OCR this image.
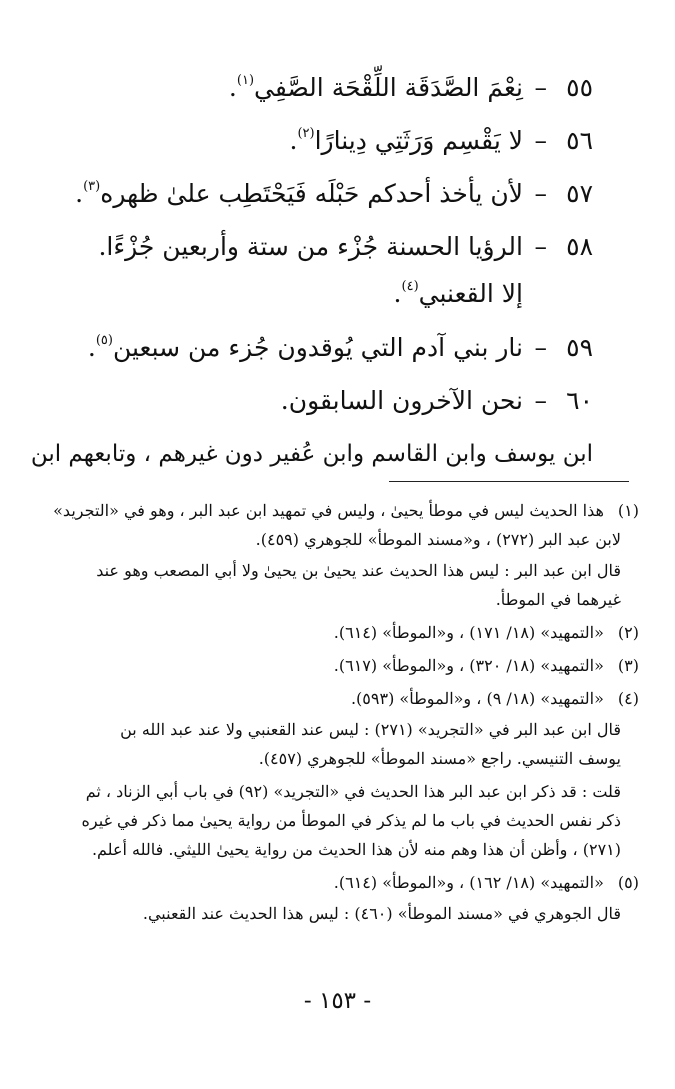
٥٥
–
نِعْمَ الصَّدَقَة اللِّقْحَة الصَّفِي$^{(١)}$.
٥٦
–
لا يَقْسِم وَرَثَتِي دِينارًا$^{(٢)}$.
٥٧
–
لأن يأخذ أحدكم حَبْلَه فَيَحْتَطِب علىٰ ظهره$^{(٣)}$.
٥٨
–
الرؤيا الحسنة جُزْء من ستة وأربعين جُزْءًا.
إلا القعنبي$^{(٤)}$.
٥٩
–
نار بني آدم التي يُوقدون جُزء من سبعين$^{(٥)}$.
٦٠
–
نحن الآخرون السابقون.
ابن يوسف وابن القاسم وابن عُفير دون غيرهم ، وتابعهم ابن
(١) هذا الحديث ليس في موطأ يحيىٰ ، وليس في تمهيد ابن عبد البر ، وهو في «التجريد»
لابن عبد البر (٢٧٢) ، و«مسند الموطأ» للجوهري (٤٥٩).
قال ابن عبد البر : ليس هذا الحديث عند يحيىٰ بن يحيىٰ ولا أبي المصعب وهو عند
غيرهما في الموطأ.
(٢) «التمهيد» (١٨/ ١٧١) ، و«الموطأ» (٦١٤).
(٣) «التمهيد» (١٨/ ٣٢٠) ، و«الموطأ» (٦١٧).
(٤) «التمهيد» (١٨/ ٩) ، و«الموطأ» (٥٩٣).
قال ابن عبد البر في «التجريد» (٢٧١) : ليس عند القعنبي ولا عند عبد الله بن
يوسف التنيسي. راجع «مسند الموطأ» للجوهري (٤٥٧).
قلت : قد ذكر ابن عبد البر هذا الحديث في «التجريد» (٩٢) في باب أبي الزناد ، ثم
ذكر نفس الحديث في باب ما لم يذكر في الموطأ من رواية يحيىٰ مما ذكر في غيره
(٢٧١) ، وأظن أن هذا وهم منه لأن هذا الحديث من رواية يحيىٰ الليثي. فالله أعلم.
(٥) «التمهيد» (١٨/ ١٦٢) ، و«الموطأ» (٦١٤).
قال الجوهري في «مسند الموطأ» (٤٦٠) : ليس هذا الحديث عند القعنبي.
- ١٥٣ -
